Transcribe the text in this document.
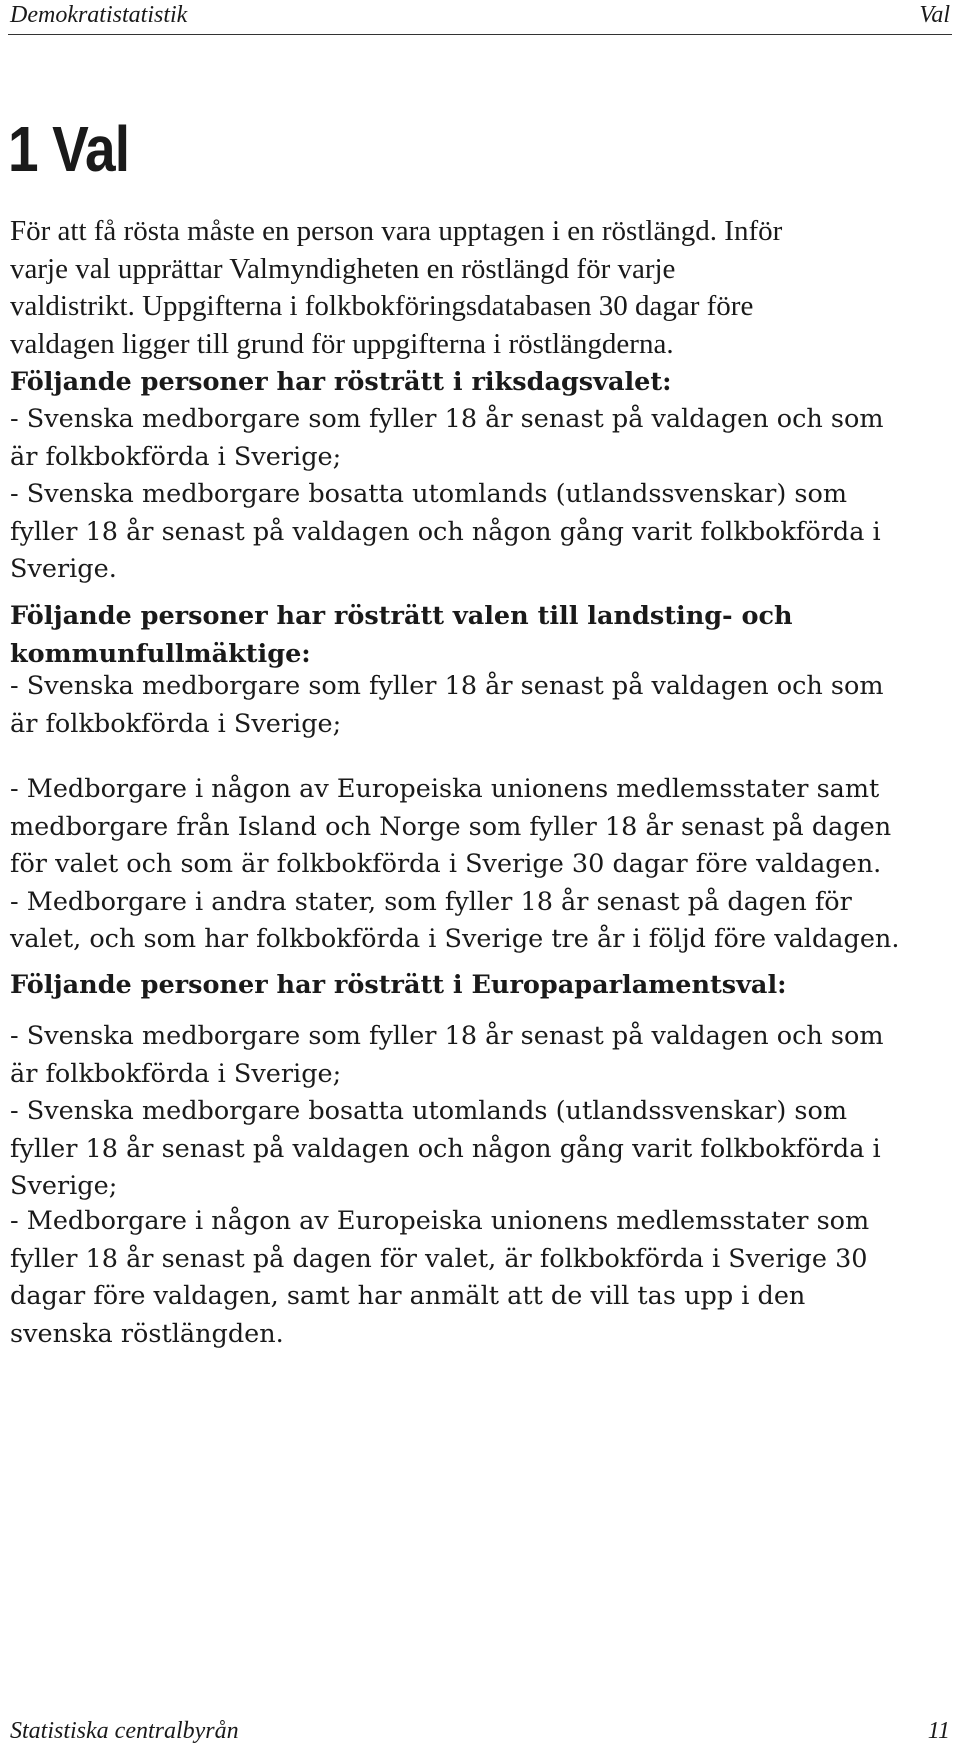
Demokratistatistik	Val
1 Val

För att få rösta måste en person vara upptagen i en röstlängd. Inför
varje val upprättar Valmyndigheten en röstlängd för varje
valdistrikt. Uppgifterna i folkbokföringsdatabasen 30 dagar före
valdagen ligger till grund för uppgifterna i röstlängderna.

Följande personer har rösträtt i riksdagsvalet:

- Svenska medborgare som fyller 18 år senast på valdagen och som
är folkbokförda i Sverige;
- Svenska medborgare bosatta utomlands (utlandssvenskar) som
fyller 18 år senast på valdagen och någon gång varit folkbokförda i
Sverige.

Följande personer har rösträtt valen till landsting- och
kommunfullmäktige:

- Svenska medborgare som fyller 18 år senast på valdagen och som
är folkbokförda i Sverige;

- Medborgare i någon av Europeiska unionens medlemsstater samt
medborgare från Island och Norge som fyller 18 år senast på dagen
för valet och som är folkbokförda i Sverige 30 dagar före valdagen.
- Medborgare i andra stater, som fyller 18 år senast på dagen för
valet, och som har folkbokförda i Sverige tre år i följd före valdagen.

Följande personer har rösträtt i Europaparlamentsval:

- Svenska medborgare som fyller 18 år senast på valdagen och som
är folkbokförda i Sverige;
- Svenska medborgare bosatta utomlands (utlandssvenskar) som
fyller 18 år senast på valdagen och någon gång varit folkbokförda i
Sverige;

- Medborgare i någon av Europeiska unionens medlemsstater som
fyller 18 år senast på dagen för valet, är folkbokförda i Sverige 30
dagar före valdagen, samt har anmält att de vill tas upp i den
svenska röstlängden.

Statistiska centralbyrån	11
